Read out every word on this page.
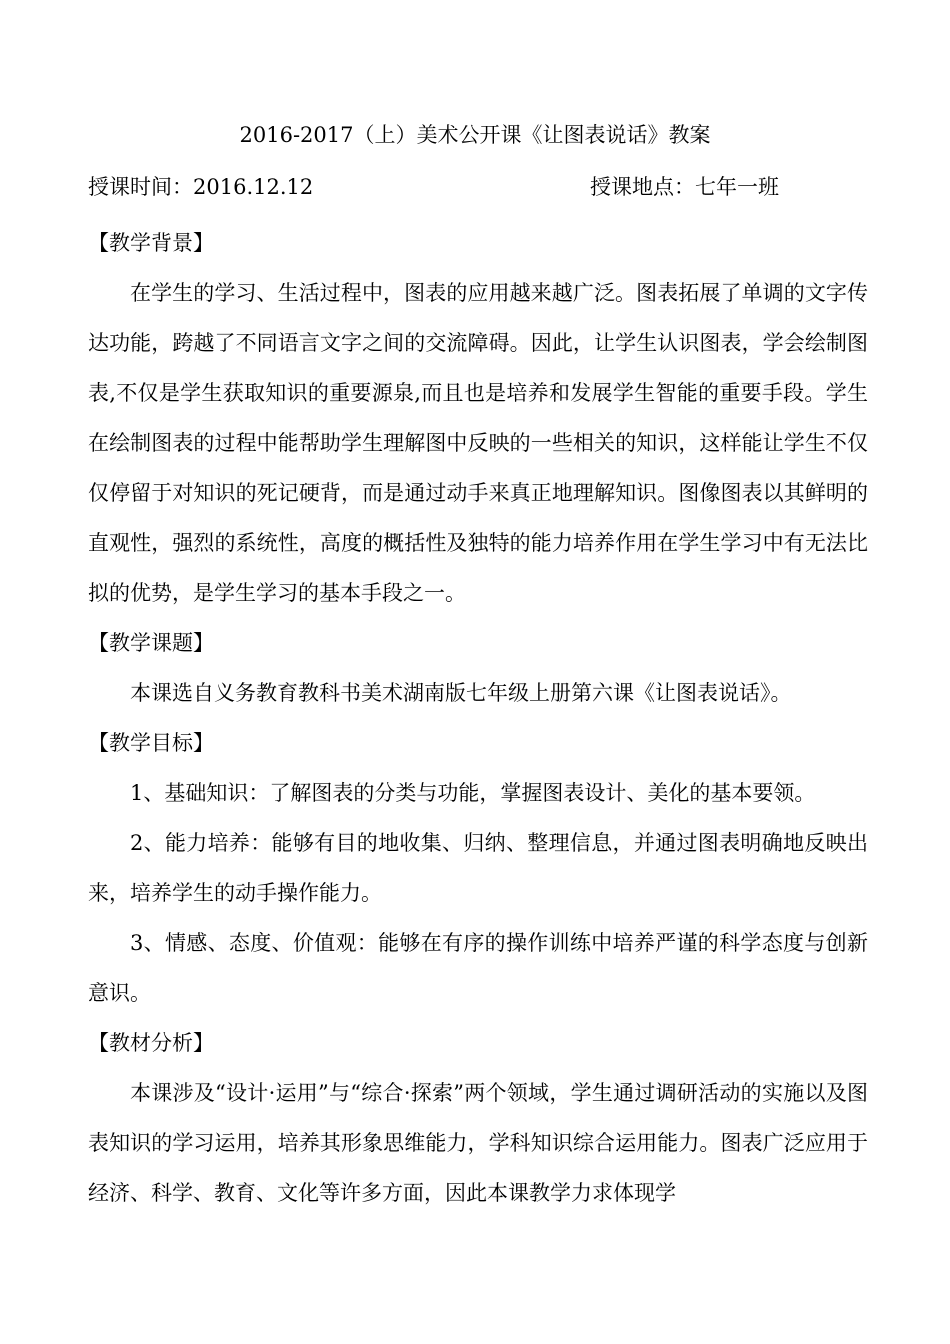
2016-2017（上）美术公开课《让图表说话》教案
授课时间：2016.12.12	授课地点：七年一班

【教学背景】

在学生的学习、生活过程中，图表的应用越来越广泛。图表拓展了单调的文字传达功能，跨越了不同语言文字之间的交流障碍。因此，让学生认识图表，学会绘制图表,不仅是学生获取知识的重要源泉,而且也是培养和发展学生智能的重要手段。学生在绘制图表的过程中能帮助学生理解图中反映的一些相关的知识，这样能让学生不仅仅停留于对知识的死记硬背，而是通过动手来真正地理解知识。图像图表以其鲜明的直观性，强烈的系统性，高度的概括性及独特的能力培养作用在学生学习中有无法比拟的优势，是学生学习的基本手段之一。

【教学课题】

本课选自义务教育教科书美术湖南版七年级上册第六课《让图表说话》。

【教学目标】

1、基础知识：了解图表的分类与功能，掌握图表设计、美化的基本要领。

2、能力培养：能够有目的地收集、归纳、整理信息，并通过图表明确地反映出来，培养学生的动手操作能力。

3、情感、态度、价值观：能够在有序的操作训练中培养严谨的科学态度与创新意识。

【教材分析】

本课涉及“设计·运用”与“综合·探索”两个领域，学生通过调研活动的实施以及图表知识的学习运用，培养其形象思维能力，学科知识综合运用能力。图表广泛应用于经济、科学、教育、文化等许多方面，因此本课教学力求体现学
